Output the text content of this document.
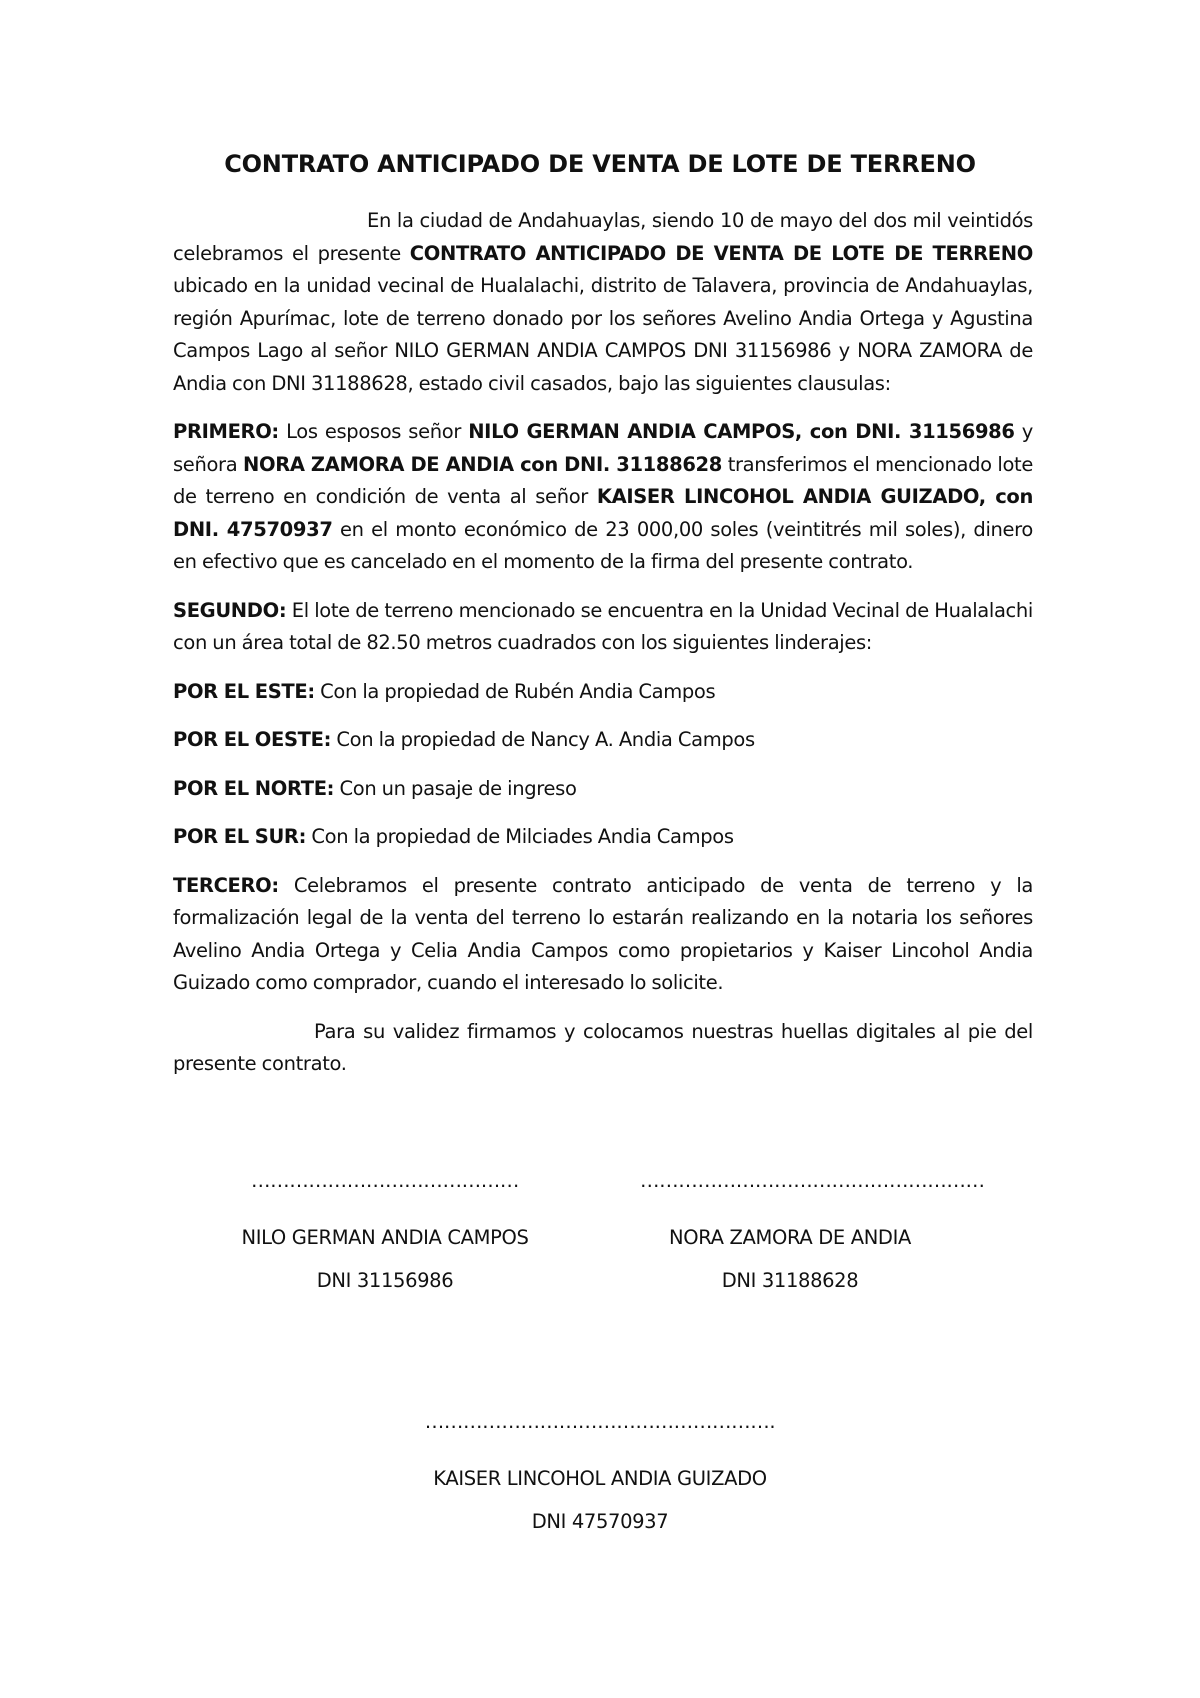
CONTRATO ANTICIPADO DE VENTA DE LOTE DE TERRENO

En la ciudad de Andahuaylas, siendo 10 de mayo del dos mil veintidós celebramos el presente CONTRATO ANTICIPADO DE VENTA DE LOTE DE TERRENO ubicado en la unidad vecinal de Hualalachi, distrito de Talavera, provincia de Andahuaylas, región Apurímac, lote de terreno donado por los señores Avelino Andia Ortega y Agustina Campos Lago al señor NILO GERMAN ANDIA CAMPOS DNI 31156986 y NORA ZAMORA de Andia con DNI 31188628, estado civil casados, bajo las siguientes clausulas:

PRIMERO: Los esposos señor NILO GERMAN ANDIA CAMPOS, con DNI. 31156986 y señora NORA ZAMORA DE ANDIA con DNI. 31188628 transferimos el mencionado lote de terreno en condición de venta al señor KAISER LINCOHOL ANDIA GUIZADO, con DNI. 47570937 en el monto económico de 23 000,00 soles (veintitrés mil soles), dinero en efectivo que es cancelado en el momento de la firma del presente contrato.

SEGUNDO: El lote de terreno mencionado se encuentra en la Unidad Vecinal de Hualalachi con un área total de 82.50 metros cuadrados con los siguientes linderajes:

POR EL ESTE: Con la propiedad de Rubén Andia Campos

POR EL OESTE: Con la propiedad de Nancy A. Andia Campos

POR EL NORTE: Con un pasaje de ingreso

POR EL SUR: Con la propiedad de Milciades Andia Campos

TERCERO: Celebramos el presente contrato anticipado de venta de terreno y la formalización legal de la venta del terreno lo estarán realizando en la notaria los señores Avelino Andia Ortega y Celia Andia Campos como propietarios y Kaiser Lincohol Andia Guizado como comprador, cuando el interesado lo solicite.

Para su validez firmamos y colocamos nuestras huellas digitales al pie del presente contrato.

……………………………………
NILO GERMAN ANDIA CAMPOS
DNI 31156986
………………………………………………
NORA ZAMORA DE ANDIA
DNI 31188628
……………………………………………….
KAISER LINCOHOL ANDIA GUIZADO
DNI 47570937
